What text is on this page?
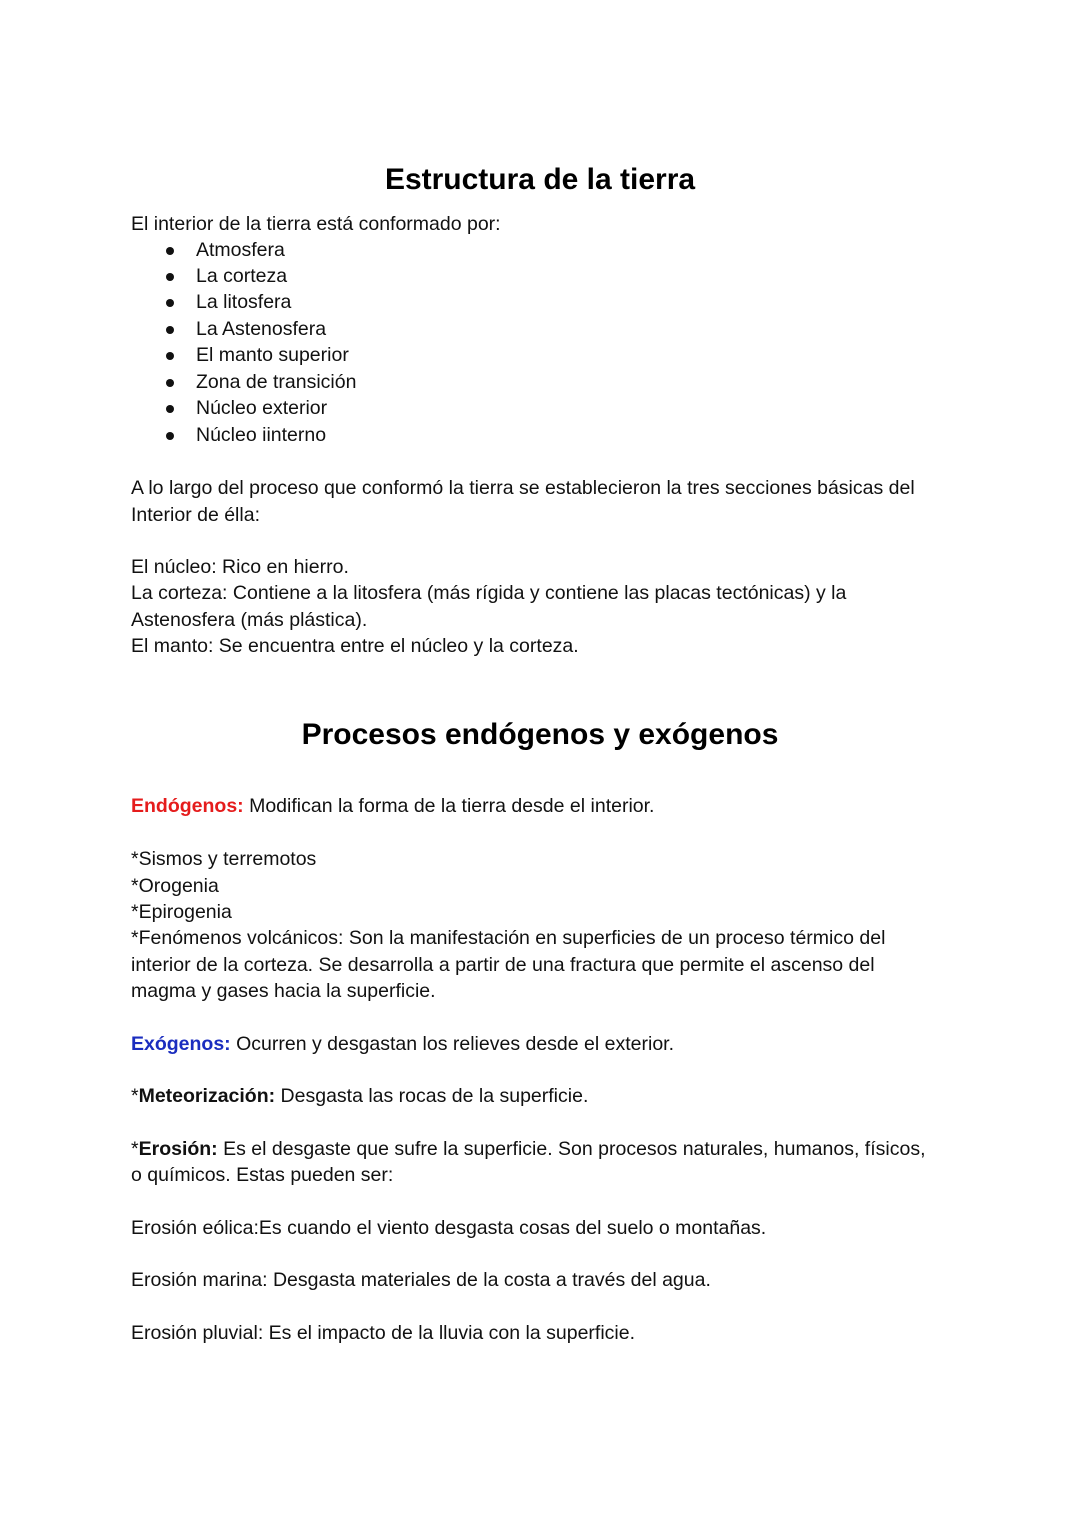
Estructura de la tierra
El interior de la tierra está conformado por:
Atmosfera
La corteza
La litosfera
La Astenosfera
El manto superior
Zona de transición
Núcleo exterior
Núcleo iinterno
A lo largo del proceso que conformó la tierra se establecieron la tres secciones básicas del
Interior de élla:
El núcleo: Rico en hierro.
La corteza: Contiene a la litosfera (más rígida y contiene las placas tectónicas) y la
Astenosfera (más plástica).
El manto: Se encuentra entre el núcleo y la corteza.
Procesos endógenos y exógenos
Endógenos: Modifican la forma de la tierra desde el interior.
*Sismos y terremotos
*Orogenia
*Epirogenia
*Fenómenos volcánicos: Son la manifestación en superficies de un proceso térmico del
interior de la corteza. Se desarrolla a partir de una fractura que permite el ascenso del
magma y gases hacia la superficie.
Exógenos: Ocurren y desgastan los relieves desde el exterior.
*Meteorización: Desgasta las rocas de la superficie.
*Erosión: Es el desgaste que sufre la superficie. Son procesos naturales, humanos, físicos,
o químicos. Estas pueden ser:
Erosión eólica:Es cuando el viento desgasta cosas del suelo o montañas.
Erosión marina: Desgasta materiales de la costa a través del agua.
Erosión pluvial: Es el impacto de la lluvia con la superficie.
